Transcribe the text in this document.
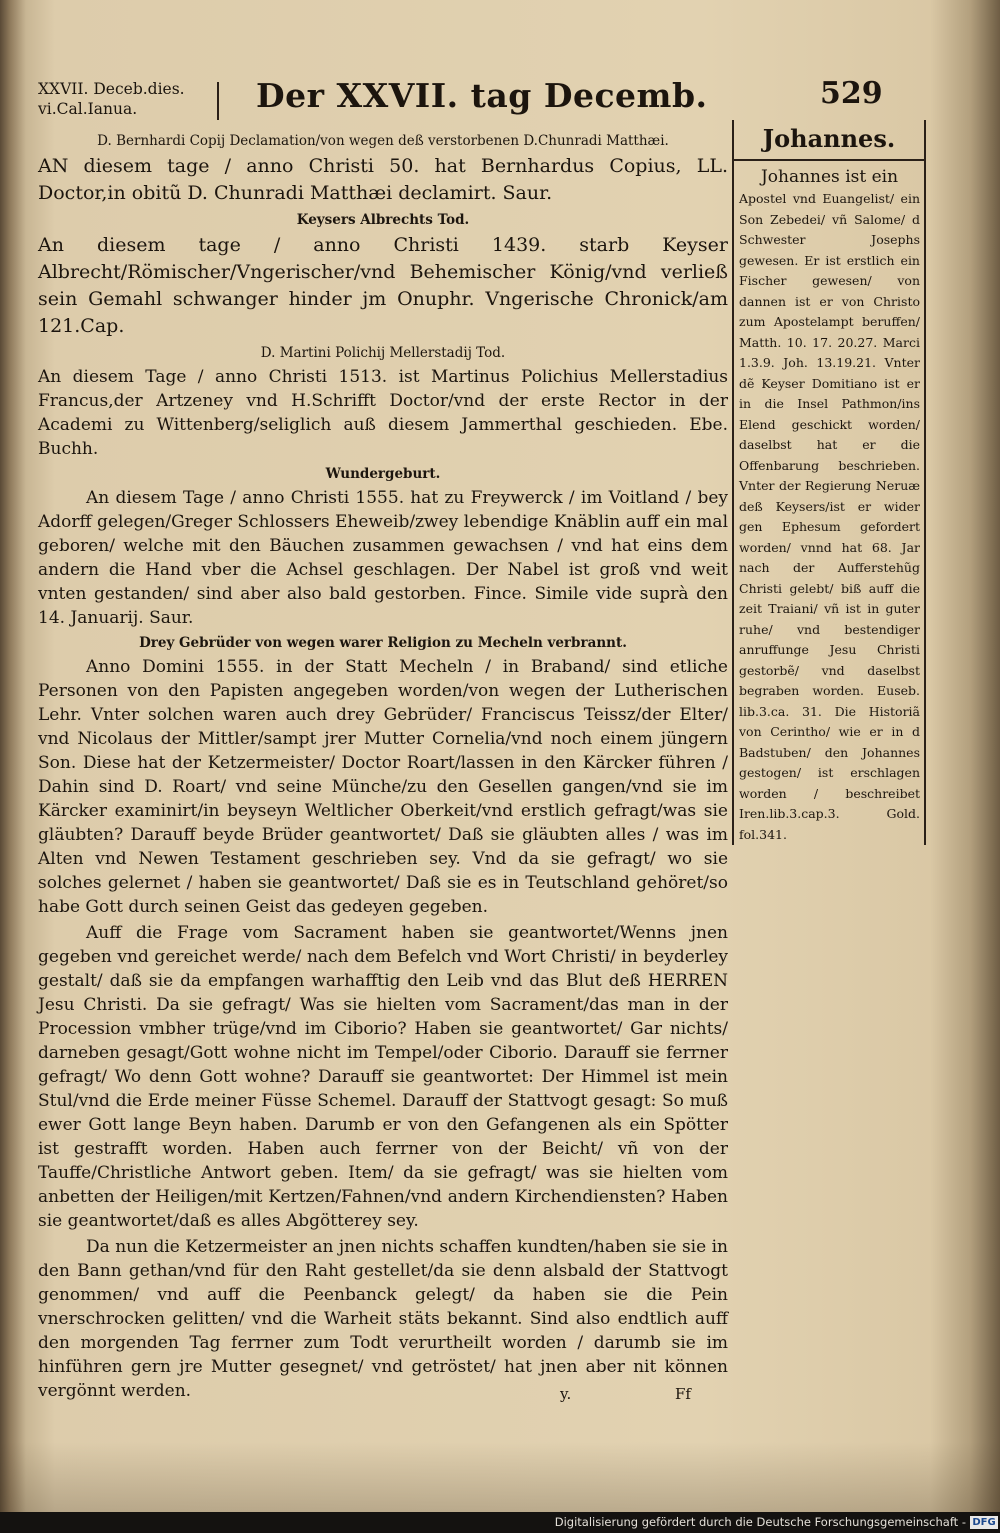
XXVII. Deceb.dies.
vi.Cal.Ianua.	Der XXVII. tag Decemb.	529
D. Bernhardi Copij Declamation/von wegen deß verstorbenen D.Chunradi Matthæi.
AN diesem tage / anno Christi 50. hat Bernhardus Copius, LL. Doctor,in obitũ D. Chunradi Matthæi declamirt. Saur.
Keysers Albrechts Tod.
An diesem tage / anno Christi 1439. starb Keyser Albrecht/Römischer/Vngerischer/vnd Behemischer König/vnd verließ sein Gemahl schwanger hinder jm Onuphr. Vngerische Chronick/am 121.Cap.
D. Martini Polichij Mellerstadij Tod.
An diesem Tage / anno Christi 1513. ist Martinus Polichius Mellerstadius Francus,der Artzeney vnd H.Schrifft Doctor/vnd der erste Rector in der Academi zu Wittenberg/seliglich auß diesem Jammerthal geschieden. Ebe. Buchh.
Wundergeburt.
An diesem Tage / anno Christi 1555. hat zu Freywerck / im Voitland / bey Adorff gelegen/Greger Schlossers Eheweib/zwey lebendige Knäblin auff ein mal geboren/ welche mit den Bäuchen zusammen gewachsen / vnd hat eins dem andern die Hand vber die Achsel geschlagen. Der Nabel ist groß vnd weit vnten gestanden/ sind aber also bald gestorben. Fince. Simile vide suprà den 14. Januarij. Saur.
Drey Gebrüder von wegen warer Religion zu Mecheln verbrannt.
Anno Domini 1555. in der Statt Mecheln / in Braband/ sind etliche Personen von den Papisten angegeben worden/von wegen der Lutherischen Lehr. Vnter solchen waren auch drey Gebrüder/ Franciscus Teissz/der Elter/ vnd Nicolaus der Mittler/sampt jrer Mutter Cornelia/vnd noch einem jüngern Son. Diese hat der Ketzermeister/ Doctor Roart/lassen in den Kärcker führen / Dahin sind D. Roart/ vnd seine Münche/zu den Gesellen gangen/vnd sie im Kärcker examinirt/in beyseyn Weltlicher Oberkeit/vnd erstlich gefragt/was sie gläubten? Darauff beyde Brüder geantwortet/ Daß sie gläubten alles / was im Alten vnd Newen Testament geschrieben sey. Vnd da sie gefragt/ wo sie solches gelernet / haben sie geantwortet/ Daß sie es in Teutschland gehöret/so habe Gott durch seinen Geist das gedeyen gegeben.
Auff die Frage vom Sacrament haben sie geantwortet/Wenns jnen gegeben vnd gereichet werde/ nach dem Befelch vnd Wort Christi/ in beyderley gestalt/ daß sie da empfangen warhafftig den Leib vnd das Blut deß HERREN Jesu Christi. Da sie gefragt/ Was sie hielten vom Sacrament/das man in der Procession vmbher trüge/vnd im Ciborio? Haben sie geantwortet/ Gar nichts/ darneben gesagt/Gott wohne nicht im Tempel/oder Ciborio. Darauff sie ferrner gefragt/ Wo denn Gott wohne? Darauff sie geantwortet: Der Himmel ist mein Stul/vnd die Erde meiner Füsse Schemel. Darauff der Stattvogt gesagt: So muß ewer Gott lange Beyn haben. Darumb er von den Gefangenen als ein Spötter ist gestrafft worden. Haben auch ferrner von der Beicht/ vñ von der Tauffe/Christliche Antwort geben. Item/ da sie gefragt/ was sie hielten vom anbetten der Heiligen/mit Kertzen/Fahnen/vnd andern Kirchendiensten? Haben sie geantwortet/daß es alles Abgötterey sey.
Da nun die Ketzermeister an jnen nichts schaffen kundten/haben sie sie in den Bann gethan/vnd für den Raht gestellet/da sie denn alsbald der Stattvogt genommen/ vnd auff die Peenbanck gelegt/ da haben sie die Pein vnerschrocken gelitten/ vnd die Warheit stäts bekannt. Sind also endtlich auff den morgenden Tag ferrner zum Todt verurtheilt worden / darumb sie im hinführen gern jre Mutter gesegnet/ vnd getröstet/ hat jnen aber nit können vergönnt werden.
Johannes.
Johannes ist ein
Apostel vnd Euangelist/ ein Son Zebedei/ vñ Salome/ d Schwester Josephs gewesen. Er ist erstlich ein Fischer gewesen/ von dannen ist er von Christo zum Apostelampt beruffen/ Matth. 10. 17. 20.27. Marci 1.3.9. Joh. 13.19.21. Vnter dẽ Keyser Domitiano ist er in die Insel Pathmon/ins Elend geschickt worden/ daselbst hat er die Offenbarung beschrieben. Vnter der Regierung Neruæ deß Keysers/ist er wider gen Ephesum gefordert worden/ vnnd hat 68. Jar nach der Aufferstehũg Christi gelebt/ biß auff die zeit Traiani/ vñ ist in guter ruhe/ vnd bestendiger anruffunge Jesu Christi gestorbẽ/ vnd daselbst begraben worden. Euseb. lib.3.ca. 31. Die Historiã von Cerintho/ wie er in d Badstuben/ den Johannes gestogen/ ist erschlagen worden / beschreibet Iren.lib.3.cap.3. Gold. fol.341.
y.	Ff
Digitalisierung gefördert durch die Deutsche Forschungsgemeinschaft - DFG
